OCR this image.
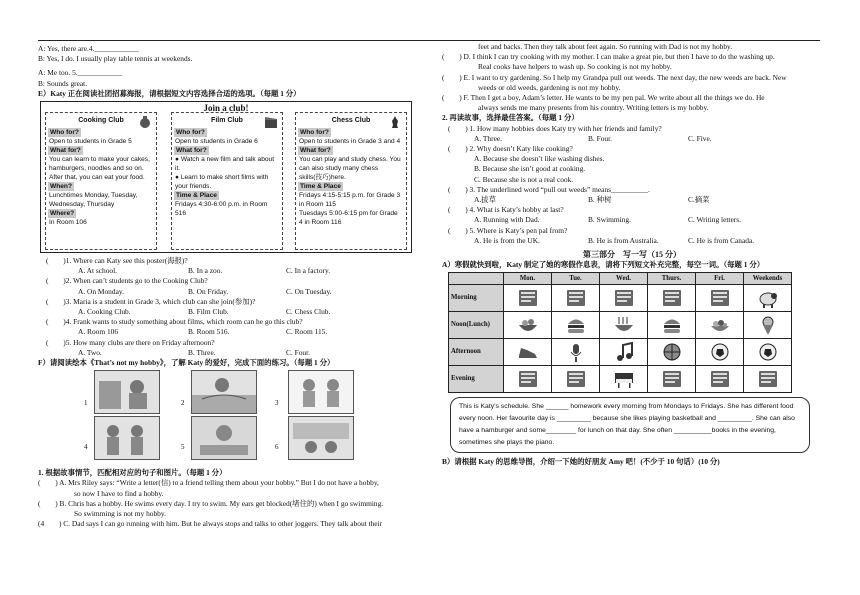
A: Yes, there are.4.____________
B: Yes, I do. I usually play table tennis at weekends.
A: Me too. 5.____________
B: Sounds great.
E）Katy 正在阅读社团招募海报，请根据短文内容选择合适的选项。（每题 1 分）
Join a club!
Cooking Club
Who for?
Open to students in Grade 5
What for?
You can learn to make your cakes, hamburgers, noodles and so on. After that, you can eat your food.
When?
Lunchtimes Monday, Tuesday, Wednesday, Thursday
Where?
In Room 106
Film Club
Who for?
Open to students in Grade 6
What for?
● Watch a new film and talk about it.
● Learn to make short films with your friends.
Time & Place
Fridays 4:30-6:00 p.m. in Room 516
Chess Club
Who for?
Open to students in Grade 3 and 4
What for?
You can play and study chess. You can also study many chess skills(技巧)here.
Time & Place
Fridays 4:15-5:15 p.m. for Grade 3 in Room 115
Tuesdays 5:00-6:15 pm for Grade 4 in Room 116
(　　)1. Where can Katy see this poster(海报)?
A. At school.	B. In a zoo.	C. In a factory.
(　　)2. When can’t students go to the Cooking Club?
A. On Monday.	B. On Friday.	C. On Tuesday.
(　　)3. Maria is a student in Grade 3, which club can she join(参加)?
A. Cooking Club.	B. Film Club.	C. Chess Club.
(　　)4. Frank wants to study something about films, which room can he go this club?
A. Room 106	B. Room 516.	C. Room 115.
(　　)5. How many clubs are there on Friday afternoon?
A. Two.	B. Three.	C. Four.
F）请阅读绘本《That’s not my hobby》，了解 Katy 的爱好，完成下面的练习。（每题 1 分）
1	2	3
4	5	6
1. 根据故事情节，匹配相对应的句子和图片。（每题 1 分）
(　　) A. Mrs Riley says: “Write a letter(信) to a friend telling them about your hobby.” But I do not have a hobby,
so now I have to find a hobby.
(　　) B. Chris has a hobby. He swims every day. I try to swim. My ears get blocked(堵住的) when I go swimming.
So swimming is not my hobby.
(4　　) C. Dad says I can go running with him. But he always stops and talks to other joggers. They talk about their
feet and backs. Then they talk about feet again. So running with Dad is not my hobby.
(　　) D. I think I can try cooking with my mother. I can make a great pie, but then I have to do the washing up.
Real cooks have helpers to wash up. So cooking is not my hobby.
(　　) E. I want to try gardening. So I help my Grandpa pull out weeds. The next day, the new weeds are back. New
weeds or old weeds, gardening is not my hobby.
(　　) F. Then I get a boy, Adam’s letter. He wants to be my pen pal. We write about all the things we do. He
always sends me many presents from his country. Writing letters is my hobby.
2. 再读故事，选择最佳答案。（每题 1 分）
(　　) 1. How many hobbies does Katy try with her friends and family?
A. Three.	B. Four.	C. Five.
(　　) 2. Why doesn’t Katy like cooking?
A. Because she doesn’t like washing dishes.
B. Because she isn’t good at cooking.
C. Because she is not a real cook.
(　　) 3. The underlined word “pull out weeds” means__________.
A.拔草	B. 种树	C.摘菜
(　　) 4. What is Katy’s hobby at last?
A. Running with Dad.	B. Swimming.	C. Writing letters.
(　　) 5. Where is Katy’s pen pal from?
A. He is from the UK.	B. He is from Australia.	C. He is from Canada.
第三部分　写一写（15 分）
A）寒假就快到啦，Katy 制定了她的寒假作息表，请将下列短文补充完整，每空一词。（每题 1 分）
	Mon.	Tue.	Wed.	Thurs.	Fri.	Weekends
Morning	

Noon(Lunch)	

Afternoon	

Evening	

This is Katy’s schedule. She ______ homework every morning from Mondays to Fridays. She has different food every noon. Her favourite day is _________ because she likes playing basketball and _________. She can also have a hamburger and some________ for lunch on that day. She often __________books in the evening, sometimes she plays the piano.
B）请根据 Katy 的思维导图，介绍一下她的好朋友 Amy 吧！(不少于 10 句话）(10 分)
